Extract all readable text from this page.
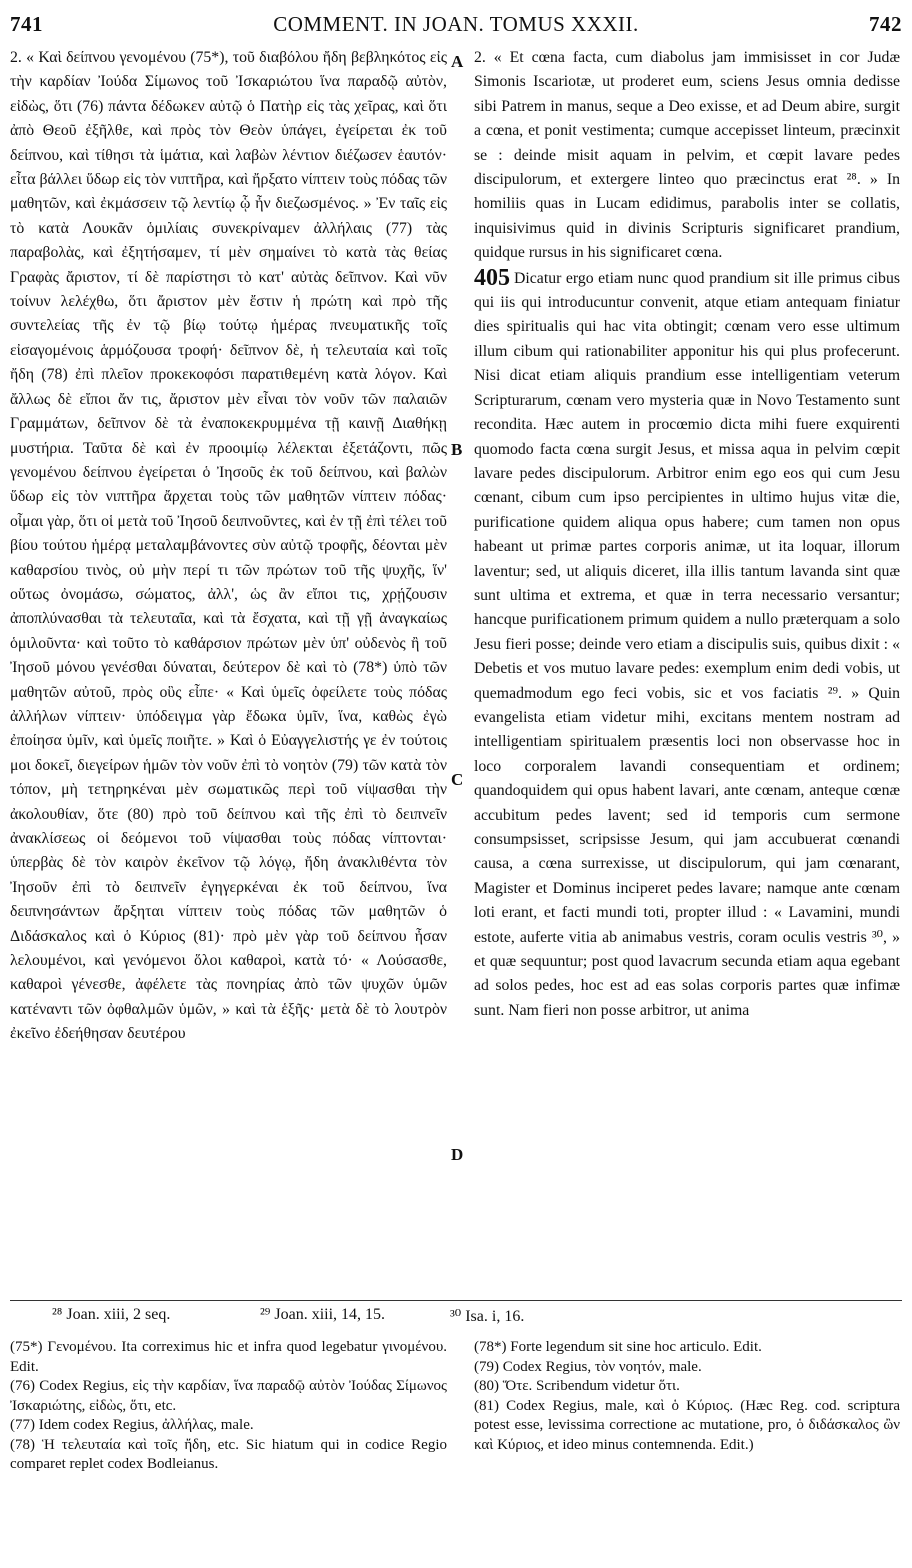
741	COMMENT. IN JOAN. TOMUS XXXII.	742

2. « Καὶ δείπνου γενομένου (75*), τοῦ διαβόλου ἤδη βεβληκότος εἰς τὴν καρδίαν Ἰούδα Σίμωνος τοῦ Ἰσκαριώτου ἵνα παραδῷ αὐτὸν, εἰδὼς, ὅτι (76) πάντα δέδωκεν αὐτῷ ὁ Πατὴρ εἰς τὰς χεῖρας, καὶ ὅτι ἀπὸ Θεοῦ ἐξῆλθε, καὶ πρὸς τὸν Θεὸν ὑπάγει, ἐγείρεται ἐκ τοῦ δείπνου, καὶ τίθησι τὰ ἱμάτια, καὶ λαβὼν λέντιον διέζωσεν ἑαυτόν· εἶτα βάλλει ὕδωρ εἰς τὸν νιπτῆρα, καὶ ἤρξατο νίπτειν τοὺς πόδας τῶν μαθητῶν, καὶ ἐκμάσσειν τῷ λεντίῳ ᾧ ἦν διεζωσμένος. » Ἐν ταῖς εἰς τὸ κατὰ Λουκᾶν ὁμιλίαις συνεκρίναμεν ἀλλήλαις (77) τὰς παραβολὰς, καὶ ἐξητήσαμεν, τί μὲν σημαίνει τὸ κατὰ τὰς θείας Γραφὰς ἄριστον, τί δὲ παρίστησι τὸ κατ' αὐτὰς δεῖπνον. Καὶ νῦν τοίνυν λελέχθω, ὅτι ἄριστον μὲν ἔστιν ἡ πρώτη καὶ πρὸ τῆς συντελείας τῆς ἐν τῷ βίῳ τούτῳ ἡμέρας πνευματικῆς τοῖς εἰσαγομένοις ἁρμόζουσα τροφή· δεῖπνον δὲ, ἡ τελευταία καὶ τοῖς ἤδη (78) ἐπὶ πλεῖον προκεκοφόσι παρατιθεμένη κατὰ λόγον. Καὶ ἄλλως δὲ εἴποι ἄν τις, ἄριστον μὲν εἶναι τὸν νοῦν τῶν παλαιῶν Γραμμάτων, δεῖπνον δὲ τὰ ἐναποκεκρυμμένα τῇ καινῇ Διαθήκῃ μυστήρια. Ταῦτα δὲ καὶ ἐν προοιμίῳ λέλεκται ἐξετάζοντι, πῶς γενομένου δείπνου ἐγείρεται ὁ Ἰησοῦς ἐκ τοῦ δείπνου, καὶ βαλὼν ὕδωρ εἰς τὸν νιπτῆρα ἄρχεται τοὺς τῶν μαθητῶν νίπτειν πόδας· οἶμαι γὰρ, ὅτι οἱ μετὰ τοῦ Ἰησοῦ δειπνοῦντες, καὶ ἐν τῇ ἐπὶ τέλει τοῦ βίου τούτου ἡμέρᾳ μεταλαμβάνοντες σὺν αὐτῷ τροφῆς, δέονται μὲν καθαρσίου τινὸς, οὐ μὴν περί τι τῶν πρώτων τοῦ τῆς ψυχῆς, ἵν' οὕτως ὀνομάσω, σώματος, ἀλλ', ὡς ἂν εἴποι τις, χρῄζουσιν ἀποπλύνασθαι τὰ τελευταῖα, καὶ τὰ ἔσχατα, καὶ τῇ γῇ ἀναγκαίως ὁμιλοῦντα· καὶ τοῦτο τὸ καθάρσιον πρώτων μὲν ὑπ' οὐδενὸς ἢ τοῦ Ἰησοῦ μόνου γενέσθαι δύναται, δεύτερον δὲ καὶ τὸ (78*) ὑπὸ τῶν μαθητῶν αὐτοῦ, πρὸς οὓς εἶπε· « Καὶ ὑμεῖς ὀφείλετε τοὺς πόδας ἀλλήλων νίπτειν· ὑπόδειγμα γὰρ ἔδωκα ὑμῖν, ἵνα, καθὼς ἐγὼ ἐποίησα ὑμῖν, καὶ ὑμεῖς ποιῆτε. » Καὶ ὁ Εὐαγγελιστής γε ἐν τούτοις μοι δοκεῖ, διεγείρων ἡμῶν τὸν νοῦν ἐπὶ τὸ νοητὸν (79) τῶν κατὰ τὸν τόπον, μὴ τετηρηκέναι μὲν σωματικῶς περὶ τοῦ νίψασθαι τὴν ἀκολουθίαν, ὅτε (80) πρὸ τοῦ δείπνου καὶ τῆς ἐπὶ τὸ δειπνεῖν ἀνακλίσεως οἱ δεόμενοι τοῦ νίψασθαι τοὺς πόδας νίπτονται· ὑπερβὰς δὲ τὸν καιρὸν ἐκεῖνον τῷ λόγῳ, ἤδη ἀνακλιθέντα τὸν Ἰησοῦν ἐπὶ τὸ δειπνεῖν ἐγηγερκέναι ἐκ τοῦ δείπνου, ἵνα δειπνησάντων ἄρξηται νίπτειν τοὺς πόδας τῶν μαθητῶν ὁ Διδάσκαλος καὶ ὁ Κύριος (81)· πρὸ μὲν γὰρ τοῦ δείπνου ἦσαν λελουμένοι, καὶ γενόμενοι ὅλοι καθαροὶ, κατὰ τό· « Λούσασθε, καθαροὶ γένεσθε, ἀφέλετε τὰς πονηρίας ἀπὸ τῶν ψυχῶν ὑμῶν κατέναντι τῶν ὀφθαλμῶν ὑμῶν, » καὶ τὰ ἑξῆς· μετὰ δὲ τὸ λουτρὸν ἐκεῖνο ἐδεήθησαν δευτέρου

A
B
C
D

2. « Et cœna facta, cum diabolus jam immisisset in cor Judæ Simonis Iscariotæ, ut proderet eum, sciens Jesus omnia dedisse sibi Patrem in manus, seque a Deo exisse, et ad Deum abire, surgit a cœna, et ponit vestimenta; cumque accepisset linteum, præcinxit se : deinde misit aquam in pelvim, et cœpit lavare pedes discipulorum, et extergere linteo quo præcinctus erat ²⁸. » In homiliis quas in Lucam edidimus, parabolis inter se collatis, inquisivimus quid in divinis Scripturis significaret prandium, quidque rursus in his significaret cœna.
405 Dicatur ergo etiam nunc quod prandium sit ille primus cibus qui iis qui introducuntur convenit, atque etiam antequam finiatur dies spiritualis qui hac vita obtingit; cœnam vero esse ultimum illum cibum qui rationabiliter apponitur his qui plus profecerunt. Nisi dicat etiam aliquis prandium esse intelligentiam veterum Scripturarum, cœnam vero mysteria quæ in Novo Testamento sunt recondita. Hæc autem in procœmio dicta mihi fuere exquirenti quomodo facta cœna surgit Jesus, et missa aqua in pelvim cœpit lavare pedes discipulorum. Arbitror enim ego eos qui cum Jesu cœnant, cibum cum ipso percipientes in ultimo hujus vitæ die, purificatione quidem aliqua opus habere; cum tamen non opus habeant ut primæ partes corporis animæ, ut ita loquar, illorum laventur; sed, ut aliquis diceret, illa illis tantum lavanda sint quæ sunt ultima et extrema, et quæ in terra necessario versantur; hancque purificationem primum quidem a nullo præterquam a solo Jesu fieri posse; deinde vero etiam a discipulis suis, quibus dixit : « Debetis et vos mutuo lavare pedes: exemplum enim dedi vobis, ut quemadmodum ego feci vobis, sic et vos faciatis ²⁹. » Quin evangelista etiam videtur mihi, excitans mentem nostram ad intelligentiam spiritualem præsentis loci non observasse hoc in loco corporalem lavandi consequentiam et ordinem; quandoquidem qui opus habent lavari, ante cœnam, anteque cœnæ accubitum pedes lavent; sed id temporis cum sermone consumpsisset, scripsisse Jesum, qui jam accubuerat cœnandi causa, a cœna surrexisse, ut discipulorum, qui jam cœnarant, Magister et Dominus inciperet pedes lavare; namque ante cœnam loti erant, et facti mundi toti, propter illud : « Lavamini, mundi estote, auferte vitia ab animabus vestris, coram oculis vestris ³⁰, » et quæ sequuntur; post quod lavacrum secunda etiam aqua egebant ad solos pedes, hoc est ad eas solas corporis partes quæ infimæ sunt. Nam fieri non posse arbitror, ut anima

²⁸ Joan. xiii, 2 seq.	²⁹ Joan. xiii, 14, 15.	³⁰ Isa. i, 16.

(75*) Γενομένου. Ita correximus hic et infra quod legebatur γινομένου. Edit.

(76) Codex Regius, εἰς τὴν καρδίαν, ἵνα παραδῷ αὐτὸν Ἰούδας Σίμωνος Ἰσκαριώτης, εἰδὼς, ὅτι, etc.

(77) Idem codex Regius, ἀλλήλας, male.

(78) Ἡ τελευταία καὶ τοῖς ἤδη, etc. Sic hiatum qui in codice Regio comparet replet codex Bodleianus.

(78*) Forte legendum sit sine hoc articulo. Edit.

(79) Codex Regius, τὸν νοητόν, male.

(80) Ὅτε. Scribendum videtur ὅτι.

(81) Codex Regius, male, καὶ ὁ Κύριος. (Hæc Reg. cod. scriptura potest esse, levissima correctione ac mutatione, pro, ὁ διδάσκαλος ὢν καὶ Κύριος, et ideo minus contemnenda. Edit.)
